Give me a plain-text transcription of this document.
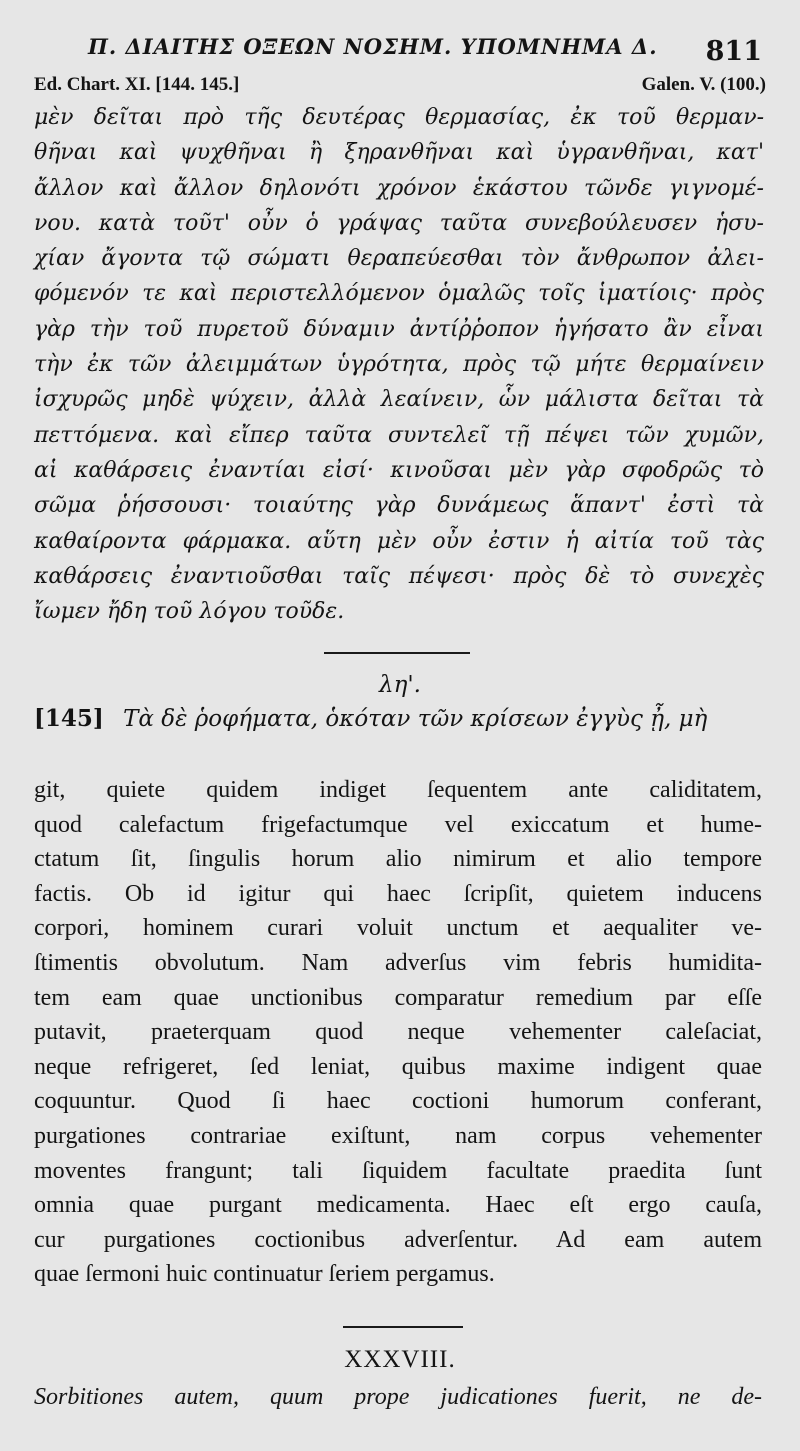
Π. ΔΙΑΙΤΗΣ ΟΞΕΩΝ ΝΟΣΗΜ. ΥΠΟΜΝΗΜΑ Δ. 811
Ed. Chart. XI. [144. 145.]	Galen. V. (100.)
μὲν δεῖται πρὸ τῆς δευτέρας θερμασίας, ἐκ τοῦ θερμαν-
θῆναι καὶ ψυχθῆναι ἢ ξηρανθῆναι καὶ ὑγρανθῆναι, κατ'
ἄλλον καὶ ἄλλον δηλονότι χρόνον ἑκάστου τῶνδε γιγνομέ-
νου. κατὰ τοῦτ' οὖν ὁ γράψας ταῦτα συνεβούλευσεν ἡσυ-
χίαν ἄγοντα τῷ σώματι θεραπεύεσθαι τὸν ἄνθρωπον ἀλει-
φόμενόν τε καὶ περιστελλόμενον ὁμαλῶς τοῖς ἱματίοις· πρὸς
γὰρ τὴν τοῦ πυρετοῦ δύναμιν ἀντίῤῥοπον ἡγήσατο ἂν εἶναι
τὴν ἐκ τῶν ἀλειμμάτων ὑγρότητα, πρὸς τῷ μήτε θερμαίνειν
ἰσχυρῶς μηδὲ ψύχειν, ἀλλὰ λεαίνειν, ὧν μάλιστα δεῖται τὰ
πεττόμενα. καὶ εἴπερ ταῦτα συντελεῖ τῇ πέψει τῶν χυμῶν,
αἱ καθάρσεις ἐναντίαι εἰσί· κινοῦσαι μὲν γὰρ σφοδρῶς τὸ
σῶμα ῥήσσουσι· τοιαύτης γὰρ δυνάμεως ἅπαντ' ἐστὶ τὰ
καθαίροντα φάρμακα. αὕτη μὲν οὖν ἐστιν ἡ αἰτία τοῦ τὰς
καθάρσεις ἐναντιοῦσθαι ταῖς πέψεσι· πρὸς δὲ τὸ συνεχὲς
ἴωμεν ἤδη τοῦ λόγου τοῦδε.
λη'.
[145] Τὰ δὲ ῥοφήματα, ὁκόταν τῶν κρίσεων ἐγγὺς ᾖ, μὴ
git, quiete quidem indiget ſequentem ante caliditatem,
quod calefactum frigefactumque vel exiccatum et hume-
ctatum ſit, ſingulis horum alio nimirum et alio tempore
factis. Ob id igitur qui haec ſcripſit, quietem inducens
corpori, hominem curari voluit unctum et aequaliter ve-
ſtimentis obvolutum. Nam adverſus vim febris humidita-
tem eam quae unctionibus comparatur remedium par eſſe
putavit, praeterquam quod neque vehementer caleſaciat,
neque refrigeret, ſed leniat, quibus maxime indigent quae
coquuntur. Quod ſi haec coctioni humorum conferant,
purgationes contrariae exiſtunt, nam corpus vehementer
moventes frangunt; tali ſiquidem facultate praedita ſunt
omnia quae purgant medicamenta. Haec eſt ergo cauſa,
cur purgationes coctionibus adverſentur. Ad eam autem
quae ſermoni huic continuatur ſeriem pergamus.
XXXVIII.
Sorbitiones autem, quum prope judicationes fuerit, ne de-
